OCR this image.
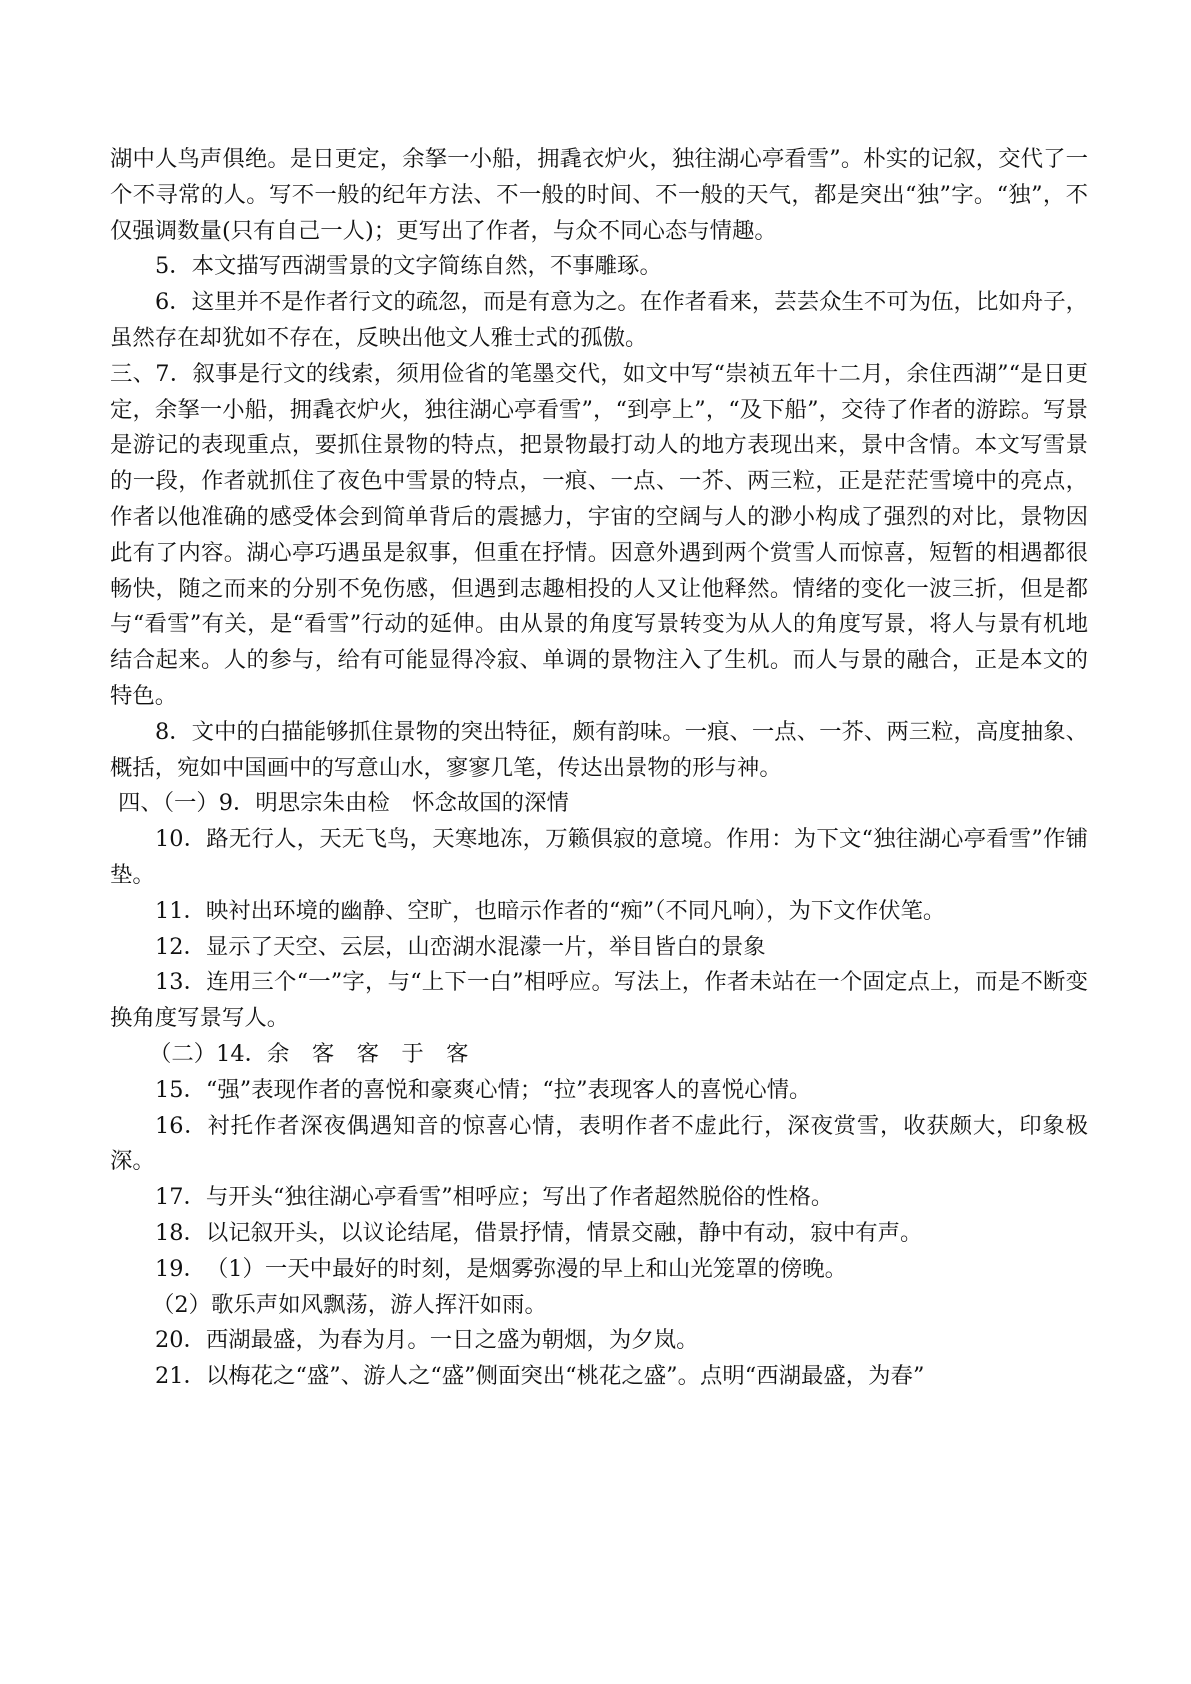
湖中人鸟声俱绝。是日更定，余拏一小船，拥毳衣炉火，独往湖心亭看雪”。朴实的记叙，交代了一个不寻常的人。写不一般的纪年方法、不一般的时间、不一般的天气，都是突出“独”字。“独”，不仅强调数量(只有自己一人)；更写出了作者，与众不同心态与情趣。

5．本文描写西湖雪景的文字简练自然，不事雕琢。

6．这里并不是作者行文的疏忽，而是有意为之。在作者看来，芸芸众生不可为伍，比如舟子，虽然存在却犹如不存在，反映出他文人雅士式的孤傲。

三、7．叙事是行文的线索，须用俭省的笔墨交代，如文中写“崇祯五年十二月，余住西湖”“是日更定，余拏一小船，拥毳衣炉火，独往湖心亭看雪”，“到亭上”，“及下船”，交待了作者的游踪。写景是游记的表现重点，要抓住景物的特点，把景物最打动人的地方表现出来，景中含情。本文写雪景的一段，作者就抓住了夜色中雪景的特点，一痕、一点、一芥、两三粒，正是茫茫雪境中的亮点，作者以他准确的感受体会到简单背后的震撼力，宇宙的空阔与人的渺小构成了强烈的对比，景物因此有了内容。湖心亭巧遇虽是叙事，但重在抒情。因意外遇到两个赏雪人而惊喜，短暂的相遇都很畅快，随之而来的分别不免伤感，但遇到志趣相投的人又让他释然。情绪的变化一波三折，但是都与“看雪”有关，是“看雪”行动的延伸。由从景的角度写景转变为从人的角度写景，将人与景有机地结合起来。人的参与，给有可能显得冷寂、单调的景物注入了生机。而人与景的融合，正是本文的特色。

8．文中的白描能够抓住景物的突出特征，颇有韵味。一痕、一点、一芥、两三粒，高度抽象、概括，宛如中国画中的写意山水，寥寥几笔，传达出景物的形与神。

四、（一）9．明思宗朱由检　怀念故国的深情

10．路无行人，天无飞鸟，天寒地冻，万籁俱寂的意境。作用：为下文“独往湖心亭看雪”作铺垫。

11．映衬出环境的幽静、空旷，也暗示作者的“痴”（不同凡响），为下文作伏笔。

12．显示了天空、云层，山峦湖水混濛一片，举目皆白的景象

13．连用三个“一”字，与“上下一白”相呼应。写法上，作者未站在一个固定点上，而是不断变换角度写景写人。

（二）14．余　客　客　于　客

15．“强”表现作者的喜悦和豪爽心情；“拉”表现客人的喜悦心情。

16．衬托作者深夜偶遇知音的惊喜心情，表明作者不虚此行，深夜赏雪，收获颇大，印象极深。

17．与开头“独往湖心亭看雪”相呼应；写出了作者超然脱俗的性格。

18．以记叙开头，以议论结尾，借景抒情，情景交融，静中有动，寂中有声。

19．　（1）一天中最好的时刻，是烟雾弥漫的早上和山光笼罩的傍晚。

（2）歌乐声如风飘荡，游人挥汗如雨。

20．西湖最盛，为春为月。一日之盛为朝烟，为夕岚。

21．以梅花之“盛”、游人之“盛”侧面突出“桃花之盛”。点明“西湖最盛，为春”
